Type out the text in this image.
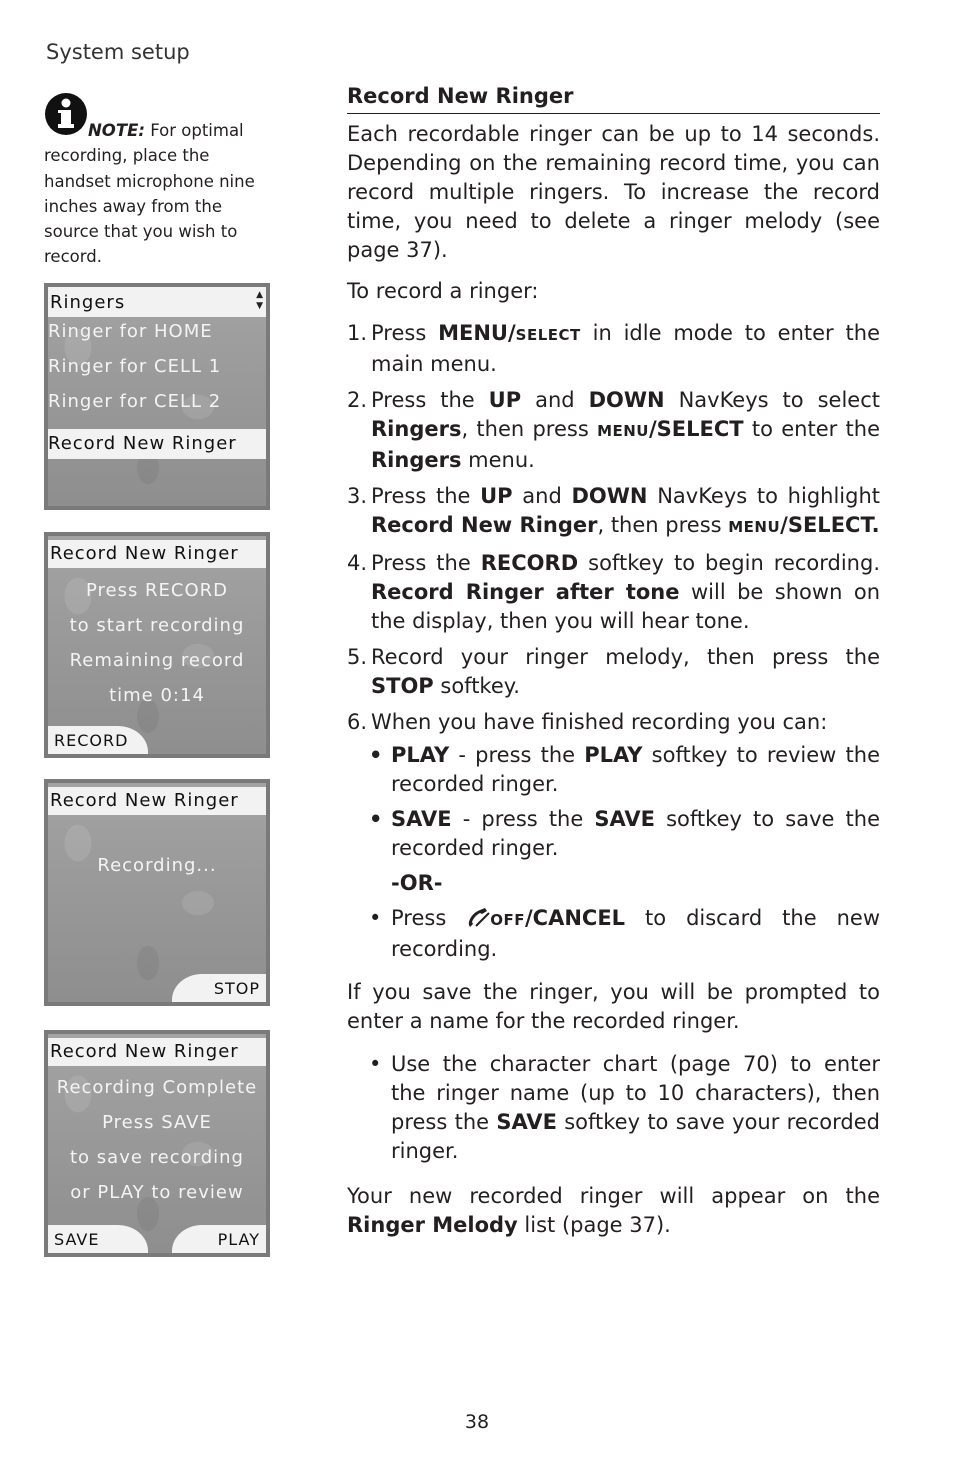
System setup
NOTE: For optimal
recording, place the
handset microphone nine
inches away from the
source that you wish to
record.
Ringers	▲
▼
Ringer for HOME
Ringer for CELL 1
Ringer for CELL 2
Record New Ringer
Record New Ringer
Press RECORD
to start recording
Remaining record
time 0:14
RECORD
Record New Ringer
Recording...
STOP
Record New Ringer
Recording Complete
Press SAVE
to save recording
or PLAY to review
SAVE	PLAY
Record New Ringer

Each recordable ringer can be up to 14 seconds. Depending on the remaining record time, you can record multiple ringers. To increase the record time, you need to delete a ringer melody (see page 37).

To record a ringer:

1. Press MENU/SELECT in idle mode to enter the main menu.
2. Press the UP and DOWN NavKeys to select Ringers, then press MENU/SELECT to enter the Ringers menu.
3. Press the UP and DOWN NavKeys to highlight Record New Ringer, then press MENU/SELECT.
4. Press the RECORD softkey to begin recording. Record Ringer after tone will be shown on the display, then you will hear tone.
5. Record your ringer melody, then press the STOP softkey.
6. When you have finished recording you can:
• PLAY - press the PLAY softkey to review the recorded ringer.
• SAVE - press the SAVE softkey to save the recorded ringer.
-OR-
• Press OFF/CANCEL to discard the new recording.

If you save the ringer, you will be prompted to enter a name for the recorded ringer.

• Use the character chart (page 70) to enter the ringer name (up to 10 characters), then press the SAVE softkey to save your recorded ringer.

Your new recorded ringer will appear on the Ringer Melody list (page 37).

38
